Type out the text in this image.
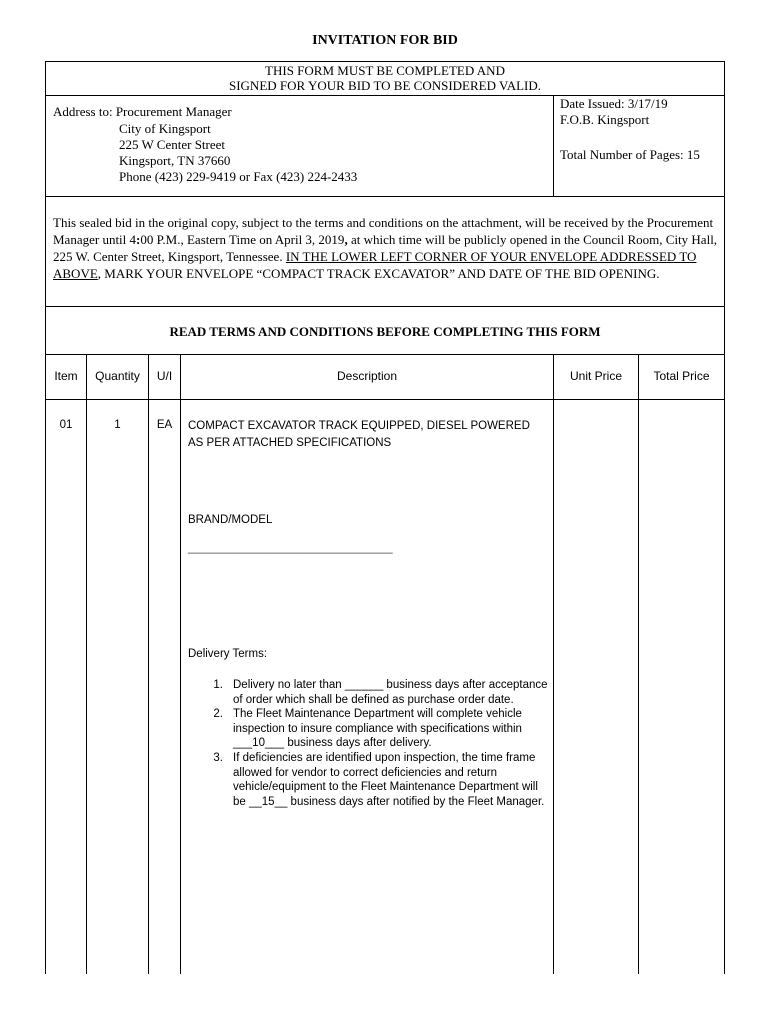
INVITATION FOR BID
THIS FORM MUST BE COMPLETED AND
SIGNED FOR YOUR BID TO BE CONSIDERED VALID.
Address to: Procurement Manager
City of Kingsport
225 W Center Street
Kingsport, TN 37660
Phone (423) 229-9419 or Fax (423) 224-2433
Date Issued: 3/17/19
F.O.B. Kingsport
Total Number of Pages: 15
This sealed bid in the original copy, subject to the terms and conditions on the attachment, will be received by the Procurement Manager until 4:00 P.M., Eastern Time on April 3, 2019, at which time will be publicly opened in the Council Room, City Hall, 225 W. Center Street, Kingsport, Tennessee. IN THE LOWER LEFT CORNER OF YOUR ENVELOPE ADDRESSED TO ABOVE, MARK YOUR ENVELOPE “COMPACT TRACK EXCAVATOR” AND DATE OF THE BID OPENING.
READ TERMS AND CONDITIONS BEFORE COMPLETING THIS FORM
Item	Quantity	U/I	Description	Unit Price	Total Price
01	1	EA	COMPACT EXCAVATOR TRACK EQUIPPED, DIESEL POWERED
AS PER ATTACHED SPECIFICATIONS
BRAND/MODEL
________________________________
Delivery Terms:
1. Delivery no later than ______ business days after acceptance of order which shall be defined as purchase order date.
2. The Fleet Maintenance Department will complete vehicle inspection to insure compliance with specifications within ___10___ business days after delivery.
3. If deficiencies are identified upon inspection, the time frame allowed for vendor to correct deficiencies and return vehicle/equipment to the Fleet Maintenance Department will be __15__ business days after notified by the Fleet Manager.
